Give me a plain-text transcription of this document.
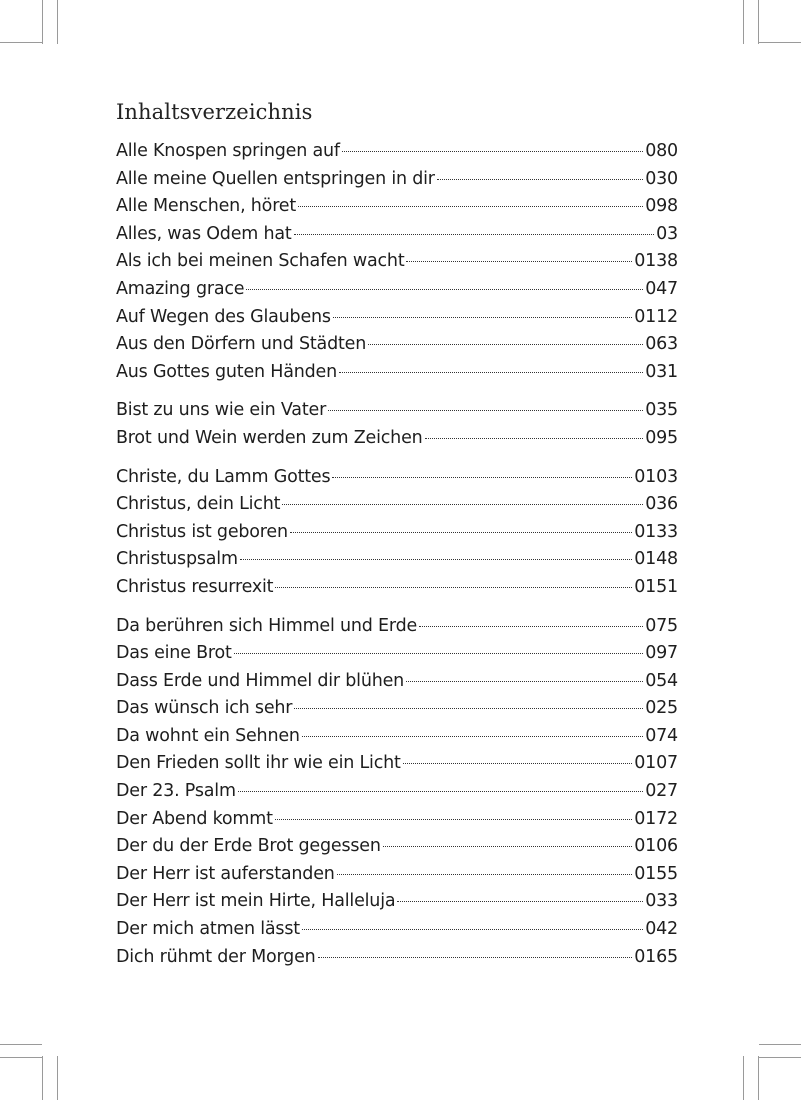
Inhaltsverzeichnis
Alle Knospen springen auf	080
Alle meine Quellen entspringen in dir	030
Alle Menschen, höret	098
Alles, was Odem hat	03
Als ich bei meinen Schafen wacht	0138
Amazing grace	047
Auf Wegen des Glaubens	0112
Aus den Dörfern und Städten	063
Aus Gottes guten Händen	031
Bist zu uns wie ein Vater	035
Brot und Wein werden zum Zeichen	095
Christe, du Lamm Gottes	0103
Christus, dein Licht	036
Christus ist geboren	0133
Christuspsalm	0148
Christus resurrexit	0151
Da berühren sich Himmel und Erde	075
Das eine Brot	097
Dass Erde und Himmel dir blühen	054
Das wünsch ich sehr	025
Da wohnt ein Sehnen	074
Den Frieden sollt ihr wie ein Licht	0107
Der 23. Psalm	027
Der Abend kommt	0172
Der du der Erde Brot gegessen	0106
Der Herr ist auferstanden	0155
Der Herr ist mein Hirte, Halleluja	033
Der mich atmen lässt	042
Dich rühmt der Morgen	0165
